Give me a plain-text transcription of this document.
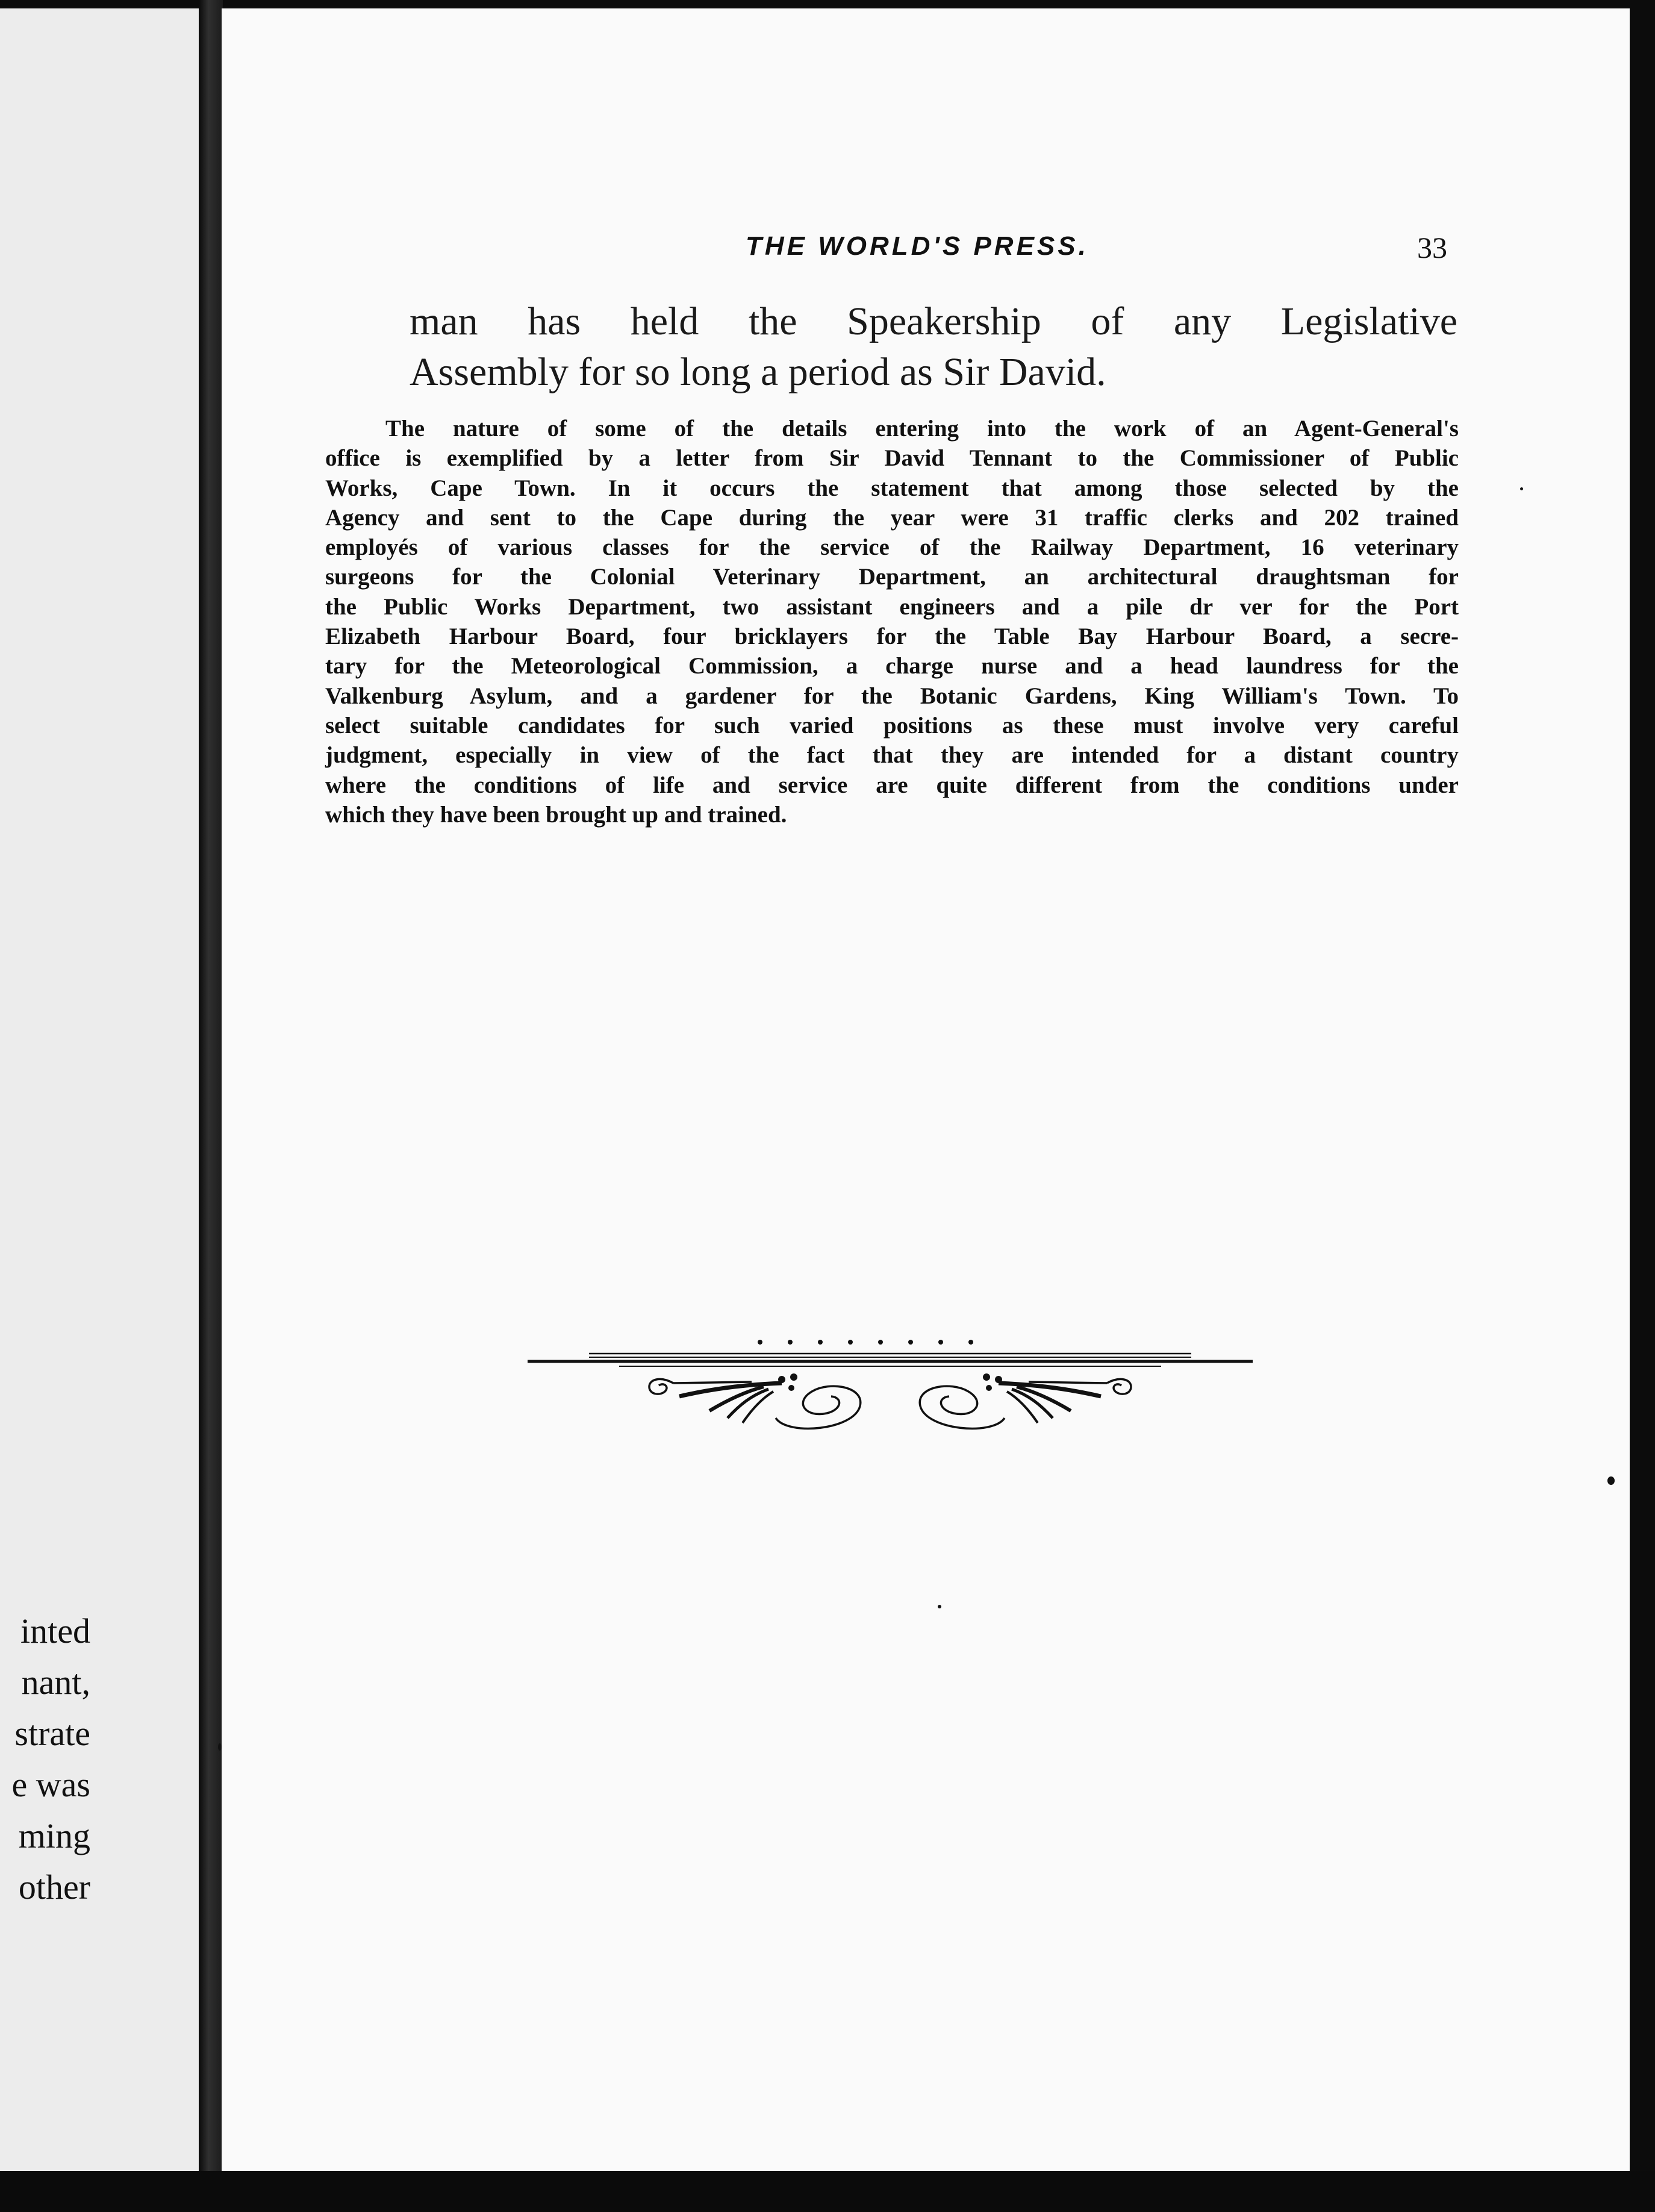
inted
nant,
strate
e was
ming
other
THE WORLD'S PRESS.	33
man has held the Speakership of any Legislative
Assembly for so long a period as Sir David.
The nature of some of the details entering into the work of an Agent-General's
office is exemplified by a letter from Sir David Tennant to the Commissioner of Public
Works, Cape Town. In it occurs the statement that among those selected by the
Agency and sent to the Cape during the year were 31 traffic clerks and 202 trained
employés of various classes for the service of the Railway Department, 16 veterinary
surgeons for the Colonial Veterinary Department, an architectural draughtsman for
the Public Works Department, two assistant engineers and a pile dr ver for the Port
Elizabeth Harbour Board, four bricklayers for the Table Bay Harbour Board, a secre-
tary for the Meteorological Commission, a charge nurse and a head laundress for the
Valkenburg Asylum, and a gardener for the Botanic Gardens, King William's Town. To
select suitable candidates for such varied positions as these must involve very careful
judgment, especially in view of the fact that they are intended for a distant country
where the conditions of life and service are quite different from the conditions under
which they have been brought up and trained.
